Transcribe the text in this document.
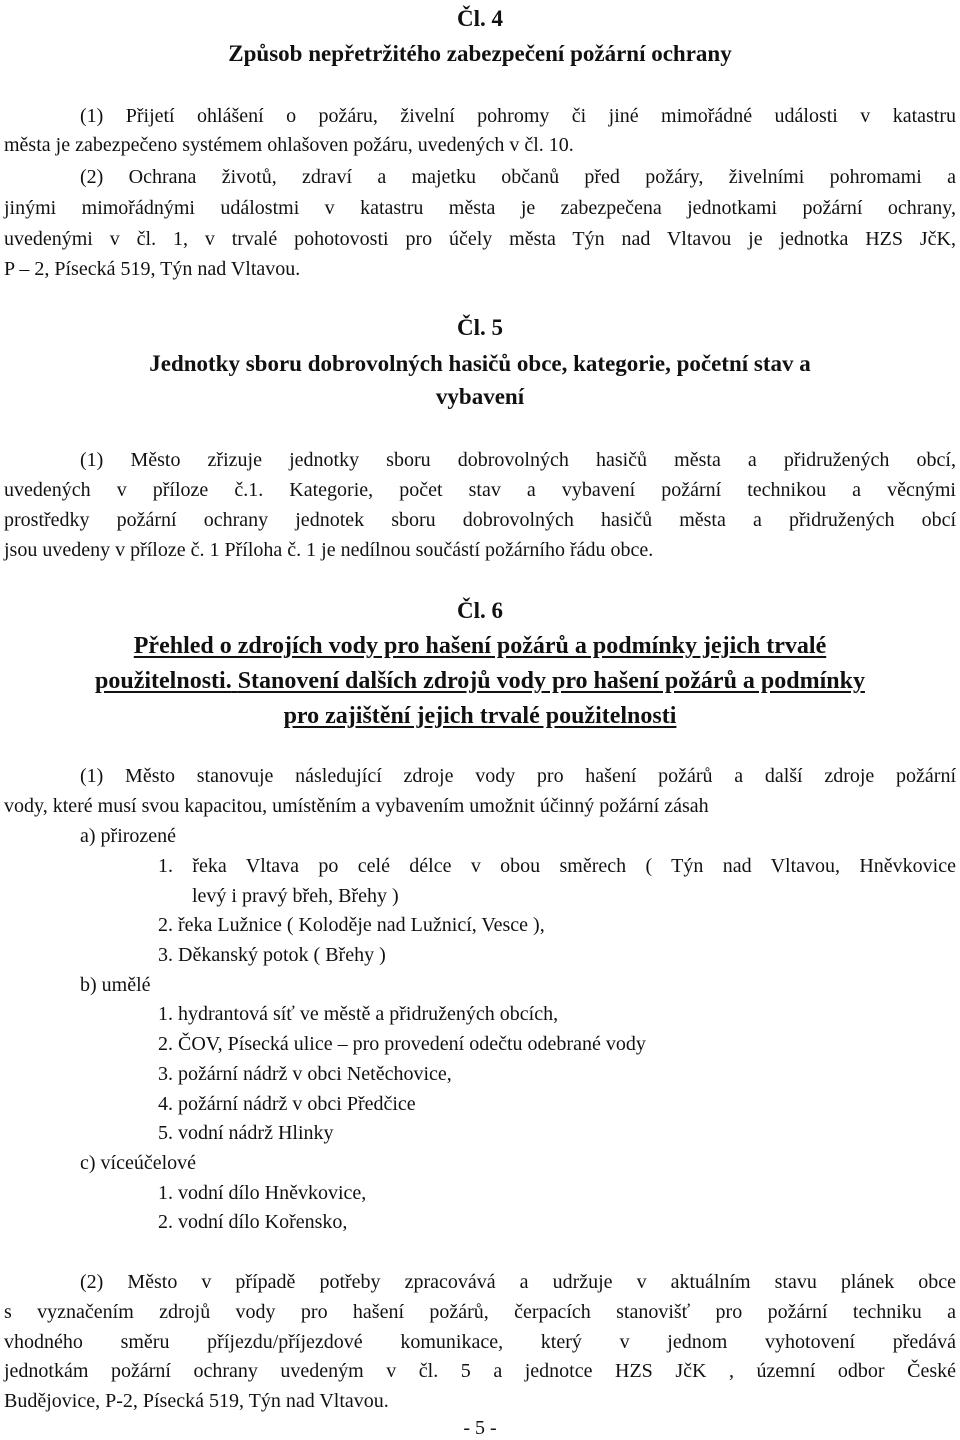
Čl. 4
Způsob nepřetržitého zabezpečení požární ochrany
(1) Přijetí ohlášení o požáru, živelní pohromy či jiné mimořádné události v katastru
města je zabezpečeno systémem ohlašoven požáru, uvedených v čl. 10.
(2) Ochrana životů, zdraví a majetku občanů před požáry, živelními pohromami a
jinými mimořádnými událostmi v katastru města je zabezpečena jednotkami požární ochrany,
uvedenými v čl. 1, v trvalé pohotovosti pro účely města Týn nad Vltavou je jednotka HZS JčK,
P – 2, Písecká 519, Týn nad Vltavou.
Čl. 5
Jednotky sboru dobrovolných hasičů obce, kategorie, početní stav a
vybavení
(1) Město zřizuje jednotky sboru dobrovolných hasičů města a přidružených obcí,
uvedených v příloze č.1. Kategorie, počet stav a vybavení požární technikou a věcnými
prostředky požární ochrany jednotek sboru dobrovolných hasičů města a přidružených obcí
jsou uvedeny v příloze č. 1 Příloha č. 1 je nedílnou součástí požárního řádu obce.
Čl. 6
Přehled o zdrojích vody pro hašení požárů a podmínky jejich trvalé
použitelnosti. Stanovení dalších zdrojů vody pro hašení požárů a podmínky
pro zajištění jejich trvalé použitelnosti
(1) Město stanovuje následující zdroje vody pro hašení požárů a další zdroje požární
vody, které musí svou kapacitou, umístěním a vybavením umožnit účinný požární zásah
a) přirozené
1. řeka Vltava po celé délce v obou směrech ( Týn nad Vltavou, Hněvkovice
levý i pravý břeh, Břehy )
2. řeka Lužnice ( Koloděje nad Lužnicí, Vesce ),
3. Děkanský potok ( Břehy )
b) umělé
1. hydrantová síť ve městě a přidružených obcích,
2. ČOV, Písecká ulice – pro provedení odečtu odebrané vody
3. požární nádrž v obci Netěchovice,
4. požární nádrž v obci Předčice
5. vodní nádrž Hlinky
c) víceúčelové
1. vodní dílo Hněvkovice,
2. vodní dílo Kořensko,
(2) Město v případě potřeby zpracovává a udržuje v aktuálním stavu plánek obce
s vyznačením zdrojů vody pro hašení požárů, čerpacích stanovišť pro požární techniku a
vhodného směru příjezdu/příjezdové komunikace, který v jednom vyhotovení předává
jednotkám požární ochrany uvedeným v čl. 5 a jednotce HZS JčK , územní odbor České
Budějovice, P-2, Písecká 519, Týn nad Vltavou.
- 5 -
